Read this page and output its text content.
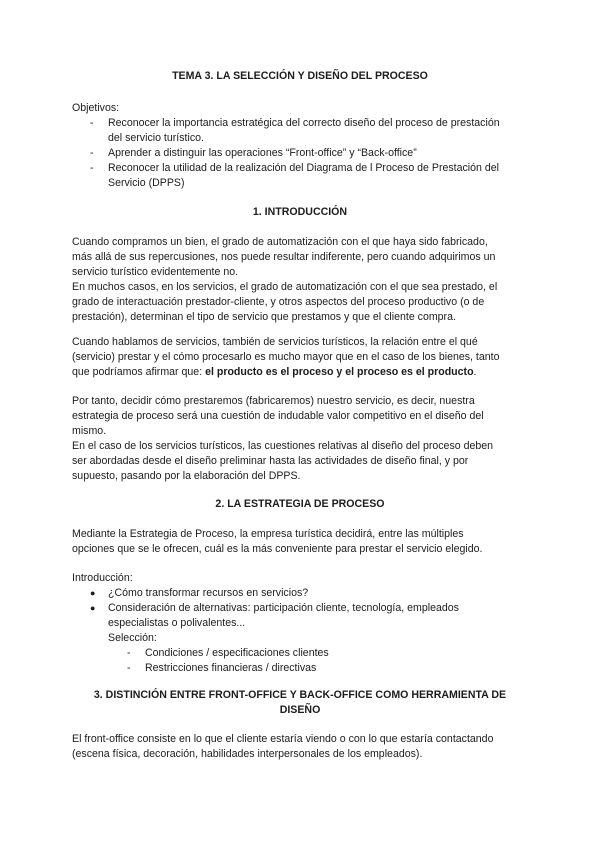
TEMA 3. LA SELECCIÓN Y DISEÑO DEL PROCESO
Objetivos:
- Reconocer la importancia estratégica del correcto diseño del proceso de prestación
del servicio turístico.
- Aprender a distinguir las operaciones “Front-office” y “Back-office”
- Reconocer la utilidad de la realización del Diagrama de l Proceso de Prestación del
Servicio (DPPS)
1. INTRODUCCIÓN
Cuando compramos un bien, el grado de automatización con el que haya sido fabricado,
más allá de sus repercusiones, nos puede resultar indiferente, pero cuando adquirimos un
servicio turístico evidentemente no.
En muchos casos, en los servicios, el grado de automatización con el que sea prestado, el
grado de interactuación prestador-cliente, y otros aspectos del proceso productivo (o de
prestación), determinan el tipo de servicio que prestamos y que el cliente compra.
Cuando hablamos de servicios, también de servicios turísticos, la relación entre el qué
(servicio) prestar y el cómo procesarlo es mucho mayor que en el caso de los bienes, tanto
que podríamos afirmar que: el producto es el proceso y el proceso es el producto.
Por tanto, decidir cómo prestaremos (fabricaremos) nuestro servicio, es decir, nuestra
estrategia de proceso será una cuestión de indudable valor competitivo en el diseño del
mismo.
En el caso de los servicios turísticos, las cuestiones relativas al diseño del proceso deben
ser abordadas desde el diseño preliminar hasta las actividades de diseño final, y por
supuesto, pasando por la elaboración del DPPS.
2. LA ESTRATEGIA DE PROCESO
Mediante la Estrategia de Proceso, la empresa turística decidirá, entre las múltiples
opciones que se le ofrecen, cuál es la más conveniente para prestar el servicio elegido.
Introducción:
● ¿Cómo transformar recursos en servicios?
● Consideración de alternativas: participación cliente, tecnología, empleados
especialistas o polivalentes...
Selección:
- Condiciones / especificaciones clientes
- Restricciones financieras / directivas
3. DISTINCIÓN ENTRE FRONT-OFFICE Y BACK-OFFICE COMO HERRAMIENTA DE
DISEÑO
El front-office consiste en lo que el cliente estaría viendo o con lo que estaría contactando
(escena física, decoración, habilidades interpersonales de los empleados).
